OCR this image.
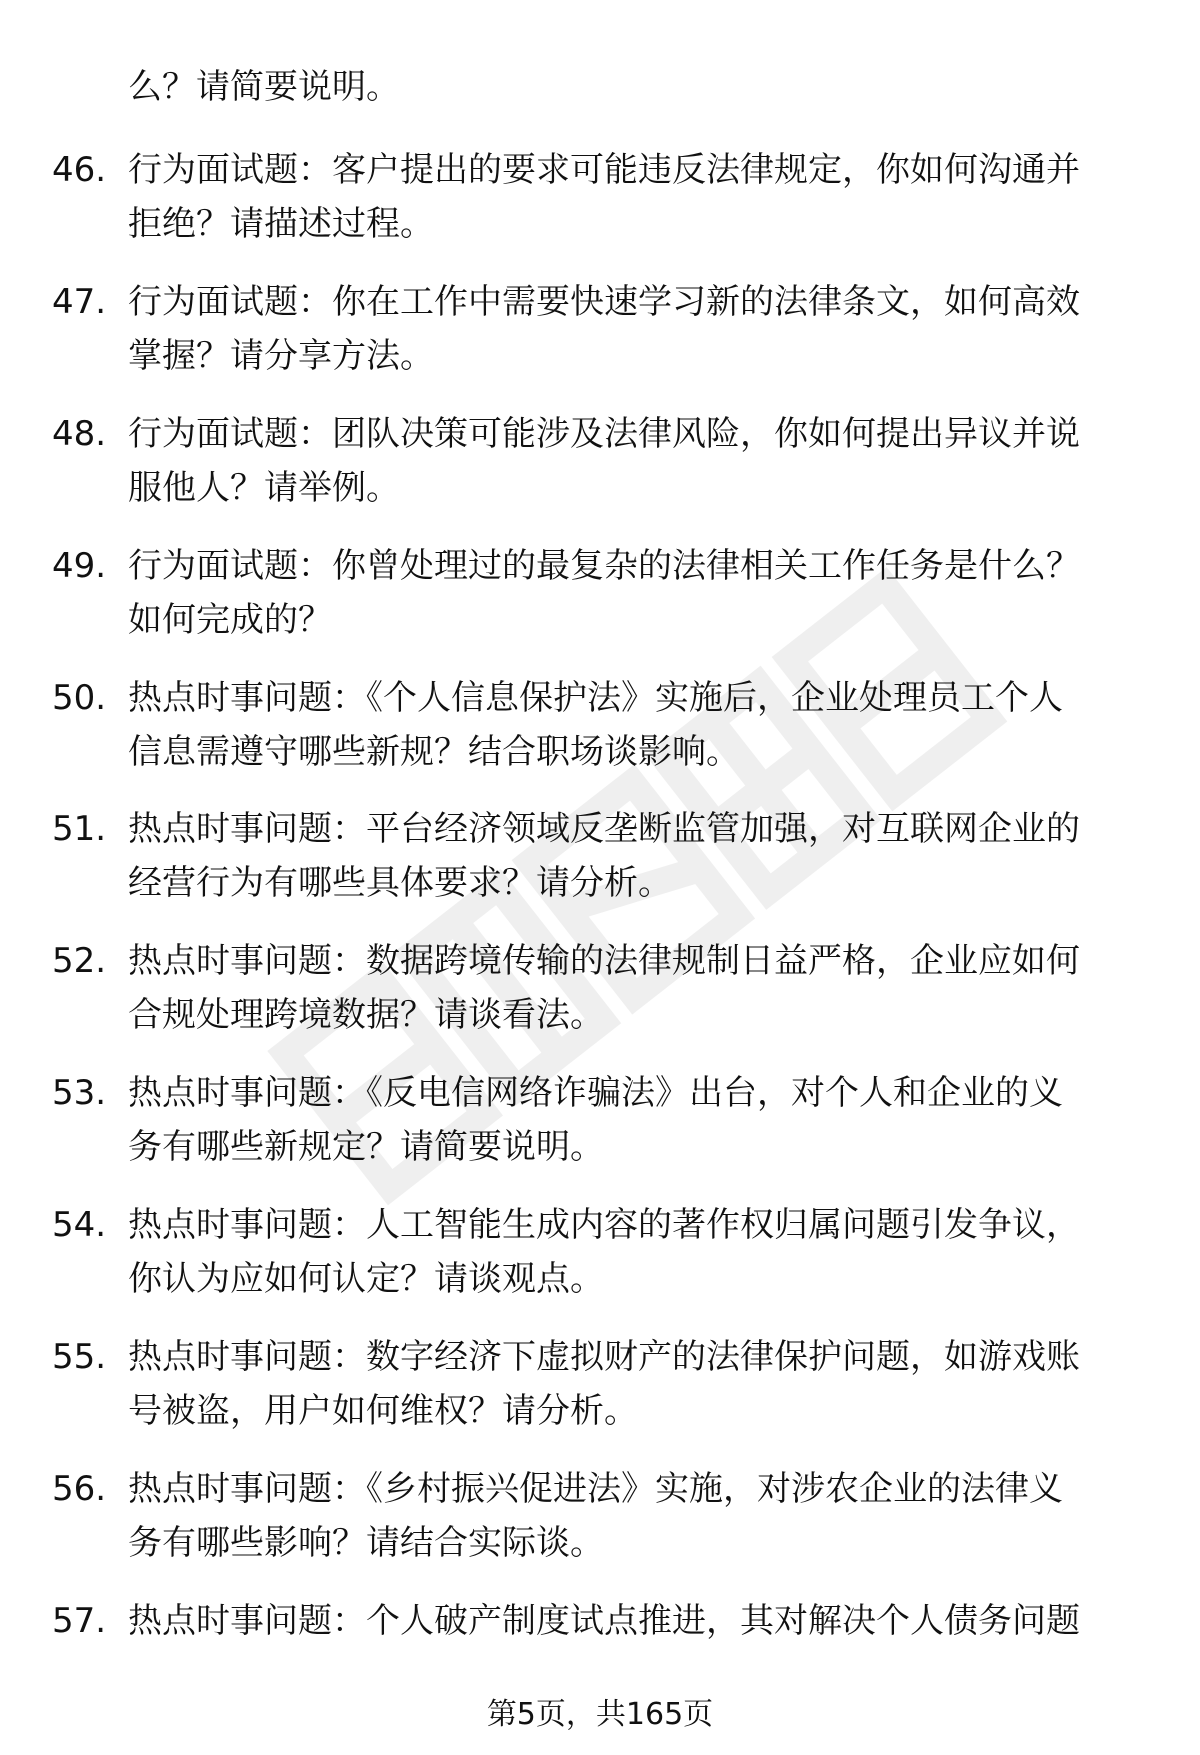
么？请简要说明。
46. 行为面试题：客户提出的要求可能违反法律规定，你如何沟通并
拒绝？请描述过程。
47. 行为面试题：你在工作中需要快速学习新的法律条文，如何高效
掌握？请分享方法。
48. 行为面试题：团队决策可能涉及法律风险，你如何提出异议并说
服他人？请举例。
49. 行为面试题：你曾处理过的最复杂的法律相关工作任务是什么？
如何完成的？
50. 热点时事问题：《个人信息保护法》实施后，企业处理员工个人
信息需遵守哪些新规？结合职场谈影响。
51. 热点时事问题：平台经济领域反垄断监管加强，对互联网企业的
经营行为有哪些具体要求？请分析。
52. 热点时事问题：数据跨境传输的法律规制日益严格，企业应如何
合规处理跨境数据？请谈看法。
53. 热点时事问题：《反电信网络诈骗法》出台，对个人和企业的义
务有哪些新规定？请简要说明。
54. 热点时事问题：人工智能生成内容的著作权归属问题引发争议，
你认为应如何认定？请谈观点。
55. 热点时事问题：数字经济下虚拟财产的法律保护问题，如游戏账
号被盗，用户如何维权？请分析。
56. 热点时事问题：《乡村振兴促进法》实施，对涉农企业的法律义
务有哪些影响？请结合实际谈。
57. 热点时事问题：个人破产制度试点推进，其对解决个人债务问题
第5页，共165页
